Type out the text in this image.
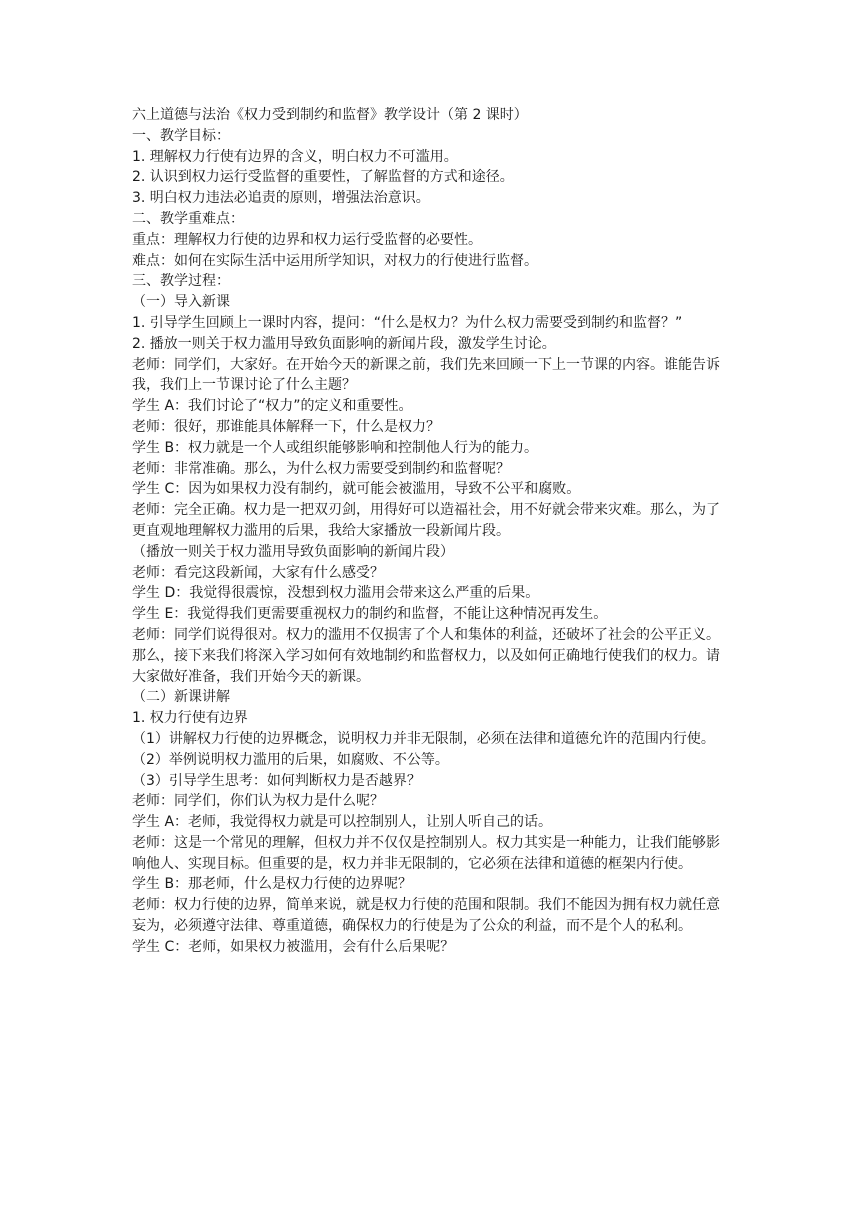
六上道德与法治《权力受到制约和监督》教学设计（第 2 课时）

一、教学目标：

1. 理解权力行使有边界的含义，明白权力不可滥用。

2. 认识到权力运行受监督的重要性，了解监督的方式和途径。

3. 明白权力违法必追责的原则，增强法治意识。

二、教学重难点：

重点：理解权力行使的边界和权力运行受监督的必要性。

难点：如何在实际生活中运用所学知识，对权力的行使进行监督。

三、教学过程：

（一）导入新课

1. 引导学生回顾上一课时内容，提问：“什么是权力？为什么权力需要受到制约和监督？”

2. 播放一则关于权力滥用导致负面影响的新闻片段，激发学生讨论。

老师：同学们，大家好。在开始今天的新课之前，我们先来回顾一下上一节课的内容。谁能告诉我，我们上一节课讨论了什么主题？

学生 A：我们讨论了“权力”的定义和重要性。

老师：很好，那谁能具体解释一下，什么是权力？

学生 B：权力就是一个人或组织能够影响和控制他人行为的能力。

老师：非常准确。那么，为什么权力需要受到制约和监督呢？

学生 C：因为如果权力没有制约，就可能会被滥用，导致不公平和腐败。

老师：完全正确。权力是一把双刃剑，用得好可以造福社会，用不好就会带来灾难。那么，为了更直观地理解权力滥用的后果，我给大家播放一段新闻片段。

（播放一则关于权力滥用导致负面影响的新闻片段）

老师：看完这段新闻，大家有什么感受？

学生 D：我觉得很震惊，没想到权力滥用会带来这么严重的后果。

学生 E：我觉得我们更需要重视权力的制约和监督，不能让这种情况再发生。

老师：同学们说得很对。权力的滥用不仅损害了个人和集体的利益，还破坏了社会的公平正义。那么，接下来我们将深入学习如何有效地制约和监督权力，以及如何正确地行使我们的权力。请大家做好准备，我们开始今天的新课。

（二）新课讲解

1. 权力行使有边界

（1）讲解权力行使的边界概念，说明权力并非无限制，必须在法律和道德允许的范围内行使。

（2）举例说明权力滥用的后果，如腐败、不公等。

（3）引导学生思考：如何判断权力是否越界？

老师：同学们，你们认为权力是什么呢？

学生 A：老师，我觉得权力就是可以控制别人，让别人听自己的话。

老师：这是一个常见的理解，但权力并不仅仅是控制别人。权力其实是一种能力，让我们能够影响他人、实现目标。但重要的是，权力并非无限制的，它必须在法律和道德的框架内行使。

学生 B：那老师，什么是权力行使的边界呢？

老师：权力行使的边界，简单来说，就是权力行使的范围和限制。我们不能因为拥有权力就任意妄为，必须遵守法律、尊重道德，确保权力的行使是为了公众的利益，而不是个人的私利。

学生 C：老师，如果权力被滥用，会有什么后果呢？
